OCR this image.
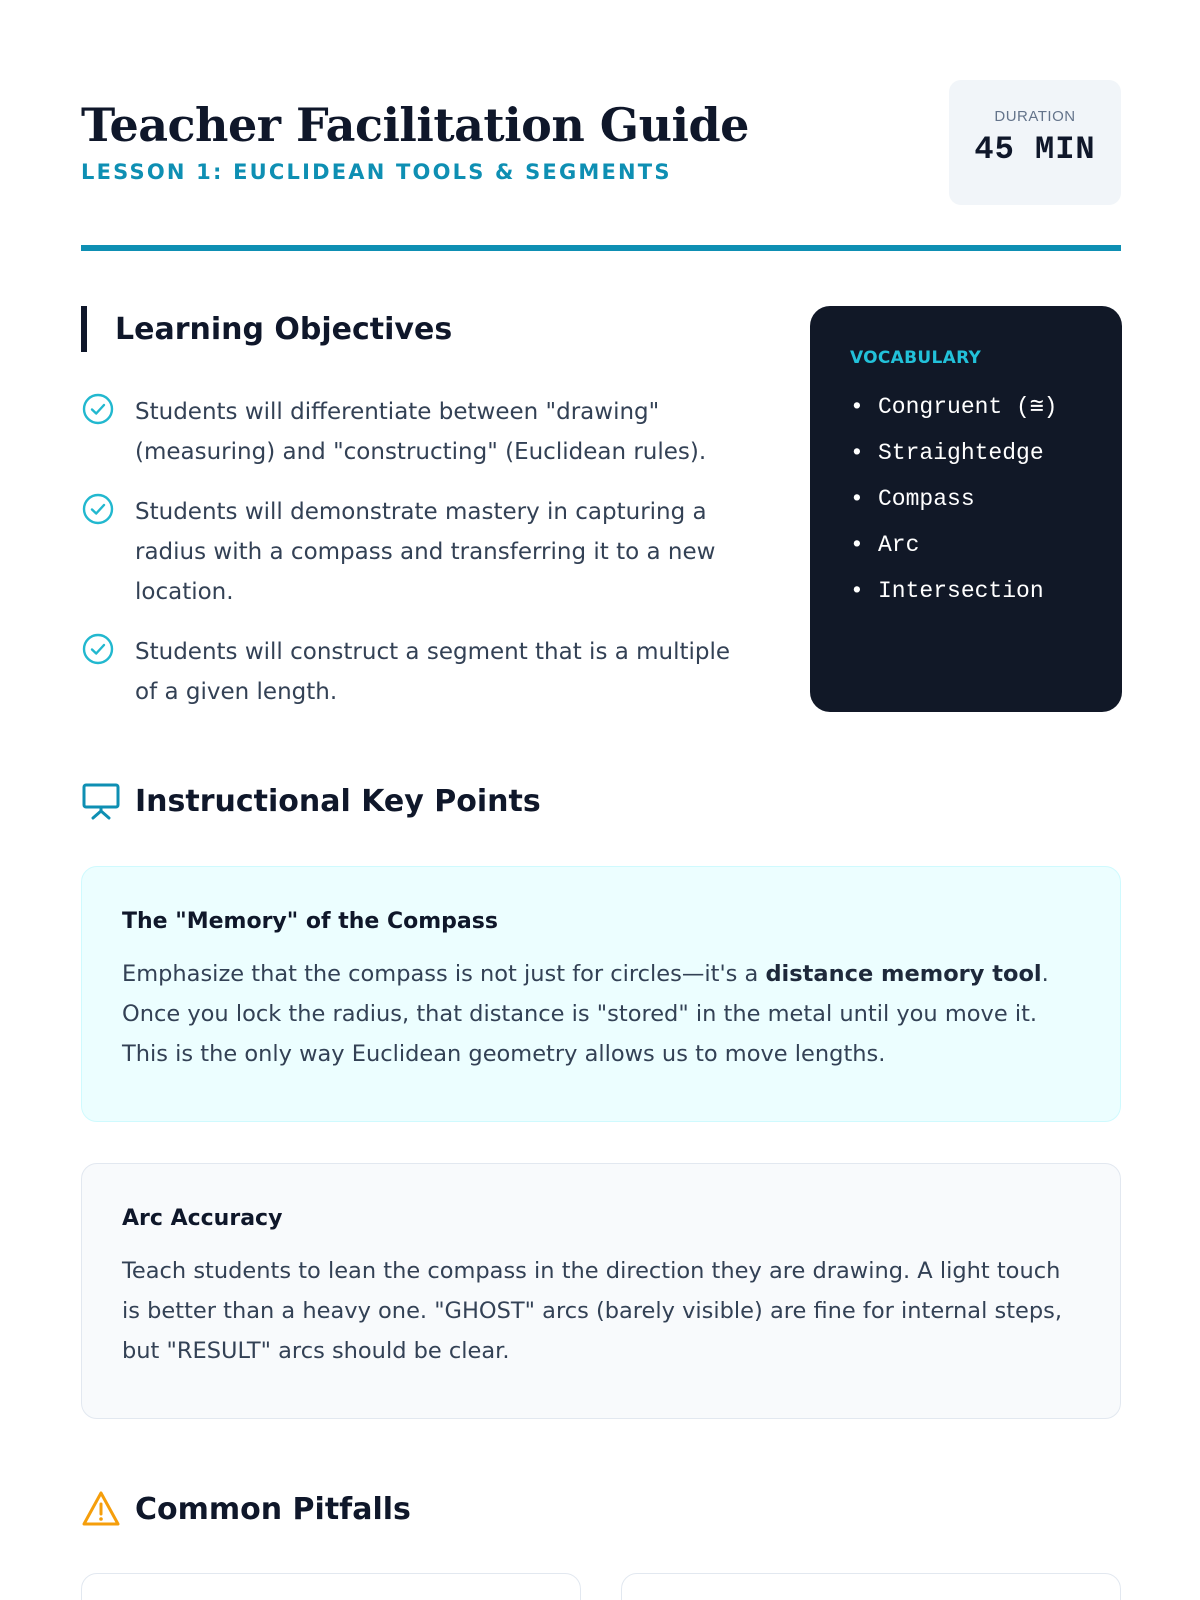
Teacher Facilitation Guide
LESSON 1: EUCLIDEAN TOOLS & SEGMENTS
DURATION
45 MIN
Learning Objectives
Students will differentiate between "drawing" (measuring) and "constructing" (Euclidean rules).
Students will demonstrate mastery in capturing a radius with a compass and transferring it to a new location.
Students will construct a segment that is a multiple of a given length.
VOCABULARY
• Congruent (≅)
• Straightedge
• Compass
• Arc
• Intersection
Instructional Key Points
The "Memory" of the Compass

Emphasize that the compass is not just for circles—it's a distance memory tool. Once you lock the radius, that distance is "stored" in the metal until you move it. This is the only way Euclidean geometry allows us to move lengths.

Arc Accuracy

Teach students to lean the compass in the direction they are drawing. A light touch is better than a heavy one. "GHOST" arcs (barely visible) are fine for internal steps, but "RESULT" arcs should be clear.

Common Pitfalls
